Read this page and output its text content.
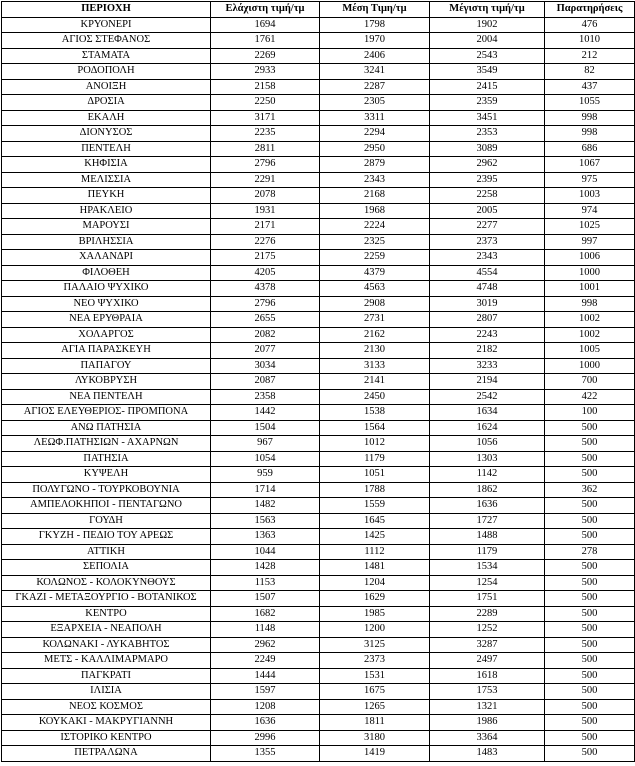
ΠΕΡΙΟΧΗ	Ελάχιστη τιμή/τμ	Μέση Τιμη/τμ	Μέγιστη τιμή/τμ	Παρατηρήσεις
ΚΡΥΟΝΕΡΙ	1694	1798	1902	476
ΑΓΙΟΣ ΣΤΕΦΑΝΟΣ	1761	1970	2004	1010
ΣΤΑΜΑΤΑ	2269	2406	2543	212
ΡΟΔΟΠΟΛΗ	2933	3241	3549	82
ΑΝΟΙΞΗ	2158	2287	2415	437
ΔΡΟΣΙΑ	2250	2305	2359	1055
ΕΚΑΛΗ	3171	3311	3451	998
ΔΙΟΝΥΣΟΣ	2235	2294	2353	998
ΠΕΝΤΕΛΗ	2811	2950	3089	686
ΚΗΦΙΣΙΑ	2796	2879	2962	1067
ΜΕΛΙΣΣΙΑ	2291	2343	2395	975
ΠΕΥΚΗ	2078	2168	2258	1003
ΗΡΑΚΛΕΙΟ	1931	1968	2005	974
ΜΑΡΟΥΣΙ	2171	2224	2277	1025
ΒΡΙΛΗΣΣΙΑ	2276	2325	2373	997
ΧΑΛΑΝΔΡΙ	2175	2259	2343	1006
ΦΙΛΟΘΕΗ	4205	4379	4554	1000
ΠΑΛΑΙΟ ΨΥΧΙΚΟ	4378	4563	4748	1001
ΝΕΟ ΨΥΧΙΚΟ	2796	2908	3019	998
ΝΕΑ ΕΡΥΘΡΑΙΑ	2655	2731	2807	1002
ΧΟΛΑΡΓΟΣ	2082	2162	2243	1002
ΑΓΙΑ ΠΑΡΑΣΚΕΥΗ	2077	2130	2182	1005
ΠΑΠΑΓΟΥ	3034	3133	3233	1000
ΛΥΚΟΒΡΥΣΗ	2087	2141	2194	700
ΝΕΑ ΠΕΝΤΕΛΗ	2358	2450	2542	422
ΑΓΙΟΣ ΕΛΕΥΘΕΡΙΟΣ- ΠΡΟΜΠΟΝΑ	1442	1538	1634	100
ΑΝΩ ΠΑΤΗΣΙΑ	1504	1564	1624	500
ΛΕΩΦ.ΠΑΤΗΣΙΩΝ - ΑΧΑΡΝΩΝ	967	1012	1056	500
ΠΑΤΗΣΙΑ	1054	1179	1303	500
ΚΥΨΕΛΗ	959	1051	1142	500
ΠΟΛΥΓΩΝΟ - ΤΟΥΡΚΟΒΟΥΝΙΑ	1714	1788	1862	362
ΑΜΠΕΛΟΚΗΠΟΙ - ΠΕΝΤΑΓΩΝΟ	1482	1559	1636	500
ΓΟΥΔΗ	1563	1645	1727	500
ΓΚΥΖΗ - ΠΕΔΙΟ ΤΟΥ ΑΡΕΩΣ	1363	1425	1488	500
ΑΤΤΙΚΗ	1044	1112	1179	278
ΣΕΠΟΛΙΑ	1428	1481	1534	500
ΚΟΛΩΝΟΣ - ΚΟΛΟΚΥΝΘΟΥΣ	1153	1204	1254	500
ΓΚΑΖΙ - ΜΕΤΑΞΟΥΡΓΙΟ - ΒΟΤΑΝΙΚΟΣ	1507	1629	1751	500
ΚΕΝΤΡΟ	1682	1985	2289	500
ΕΞΑΡΧΕΙΑ - ΝΕΑΠΟΛΗ	1148	1200	1252	500
ΚΟΛΩΝΑΚΙ - ΛΥΚΑΒΗΤΟΣ	2962	3125	3287	500
ΜΕΤΣ - ΚΑΛΛΙΜΑΡΜΑΡΟ	2249	2373	2497	500
ΠΑΓΚΡΑΤΙ	1444	1531	1618	500
ΙΛΙΣΙΑ	1597	1675	1753	500
ΝΕΟΣ ΚΟΣΜΟΣ	1208	1265	1321	500
ΚΟΥΚΑΚΙ - ΜΑΚΡΥΓΙΑΝΝΗ	1636	1811	1986	500
ΙΣΤΟΡΙΚΟ ΚΕΝΤΡΟ	2996	3180	3364	500
ΠΕΤΡΑΛΩΝΑ	1355	1419	1483	500
